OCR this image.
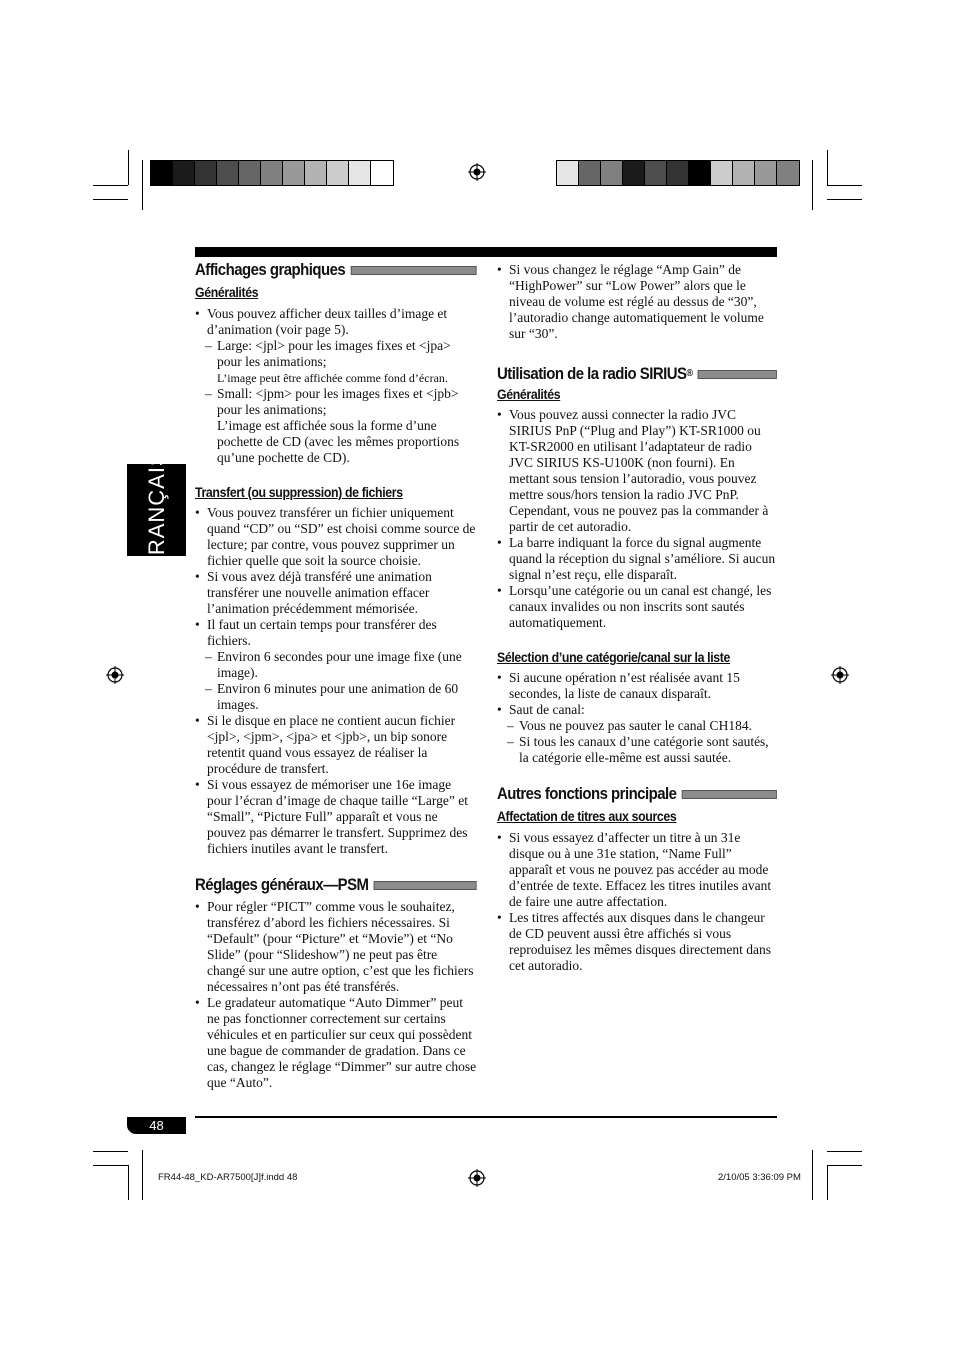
FRANÇAIS
Affichages graphiques
Généralités
• Vous pouvez afficher deux tailles d’image et d’animation (voir page 5).
– Large: <jpl> pour les images fixes et <jpa> pour les animations;
L’image peut être affichée comme fond d’écran.
– Small: <jpm> pour les images fixes et <jpb> pour les animations;
L’image est affichée sous la forme d’une pochette de CD (avec les mêmes proportions qu’une pochette de CD).
Transfert (ou suppression) de fichiers
• Vous pouvez transférer un fichier uniquement quand “CD” ou “SD” est choisi comme source de lecture; par contre, vous pouvez supprimer un fichier quelle que soit la source choisie.
• Si vous avez déjà transféré une animation transférer une nouvelle animation effacer l’animation précédemment mémorisée.
• Il faut un certain temps pour transférer des fichiers.
– Environ 6 secondes pour une image fixe (une image).
– Environ 6 minutes pour une animation de 60 images.
• Si le disque en place ne contient aucun fichier <jpl>, <jpm>, <jpa> et <jpb>, un bip sonore retentit quand vous essayez de réaliser la procédure de transfert.
• Si vous essayez de mémoriser une 16e image pour l’écran d’image de chaque taille “Large” et “Small”, “Picture Full” apparaît et vous ne pouvez pas démarrer le transfert. Supprimez des fichiers inutiles avant le transfert.
Réglages généraux—PSM
• Pour régler “PICT” comme vous le souhaitez, transférez d’abord les fichiers nécessaires. Si “Default” (pour “Picture” et “Movie”) et “No Slide” (pour “Slideshow”) ne peut pas être changé sur une autre option, c’est que les fichiers nécessaires n’ont pas été transférés.
• Le gradateur automatique “Auto Dimmer” peut ne pas fonctionner correctement sur certains véhicules et en particulier sur ceux qui possèdent une bague de commander de gradation. Dans ce cas, changez le réglage “Dimmer” sur autre chose que “Auto”.
• Si vous changez le réglage “Amp Gain” de “HighPower” sur “Low Power” alors que le niveau de volume est réglé au dessus de “30”, l’autoradio change automatiquement le volume sur “30”.
Utilisation de la radio SIRIUS ®
Généralités
• Vous pouvez aussi connecter la radio JVC SIRIUS PnP (“Plug and Play”) KT-SR1000 ou KT-SR2000 en utilisant l’adaptateur de radio JVC SIRIUS KS-U100K (non fourni). En mettant sous tension l’autoradio, vous pouvez mettre sous/hors tension la radio JVC PnP. Cependant, vous ne pouvez pas la commander à partir de cet autoradio.
• La barre indiquant la force du signal augmente quand la réception du signal s’améliore. Si aucun signal n’est reçu, elle disparaît.
• Lorsqu’une catégorie ou un canal est changé, les canaux invalides ou non inscrits sont sautés automatiquement.
Sélection d’une catégorie/canal sur la liste
• Si aucune opération n’est réalisée avant 15 secondes, la liste de canaux disparaît.
• Saut de canal:
– Vous ne pouvez pas sauter le canal CH184.
– Si tous les canaux d’une catégorie sont sautés, la catégorie elle-même est aussi sautée.
Autres fonctions principale
Affectation de titres aux sources
• Si vous essayez d’affecter un titre à un 31e disque ou à une 31e station, “Name Full” apparaît et vous ne pouvez pas accéder au mode d’entrée de texte. Effacez les titres inutiles avant de faire une autre affectation.
• Les titres affectés aux disques dans le changeur de CD peuvent aussi être affichés si vous reproduisez les mêmes disques directement dans cet autoradio.
48
FR44-48_KD-AR7500[J]f.indd 48	2/10/05 3:36:09 PM
